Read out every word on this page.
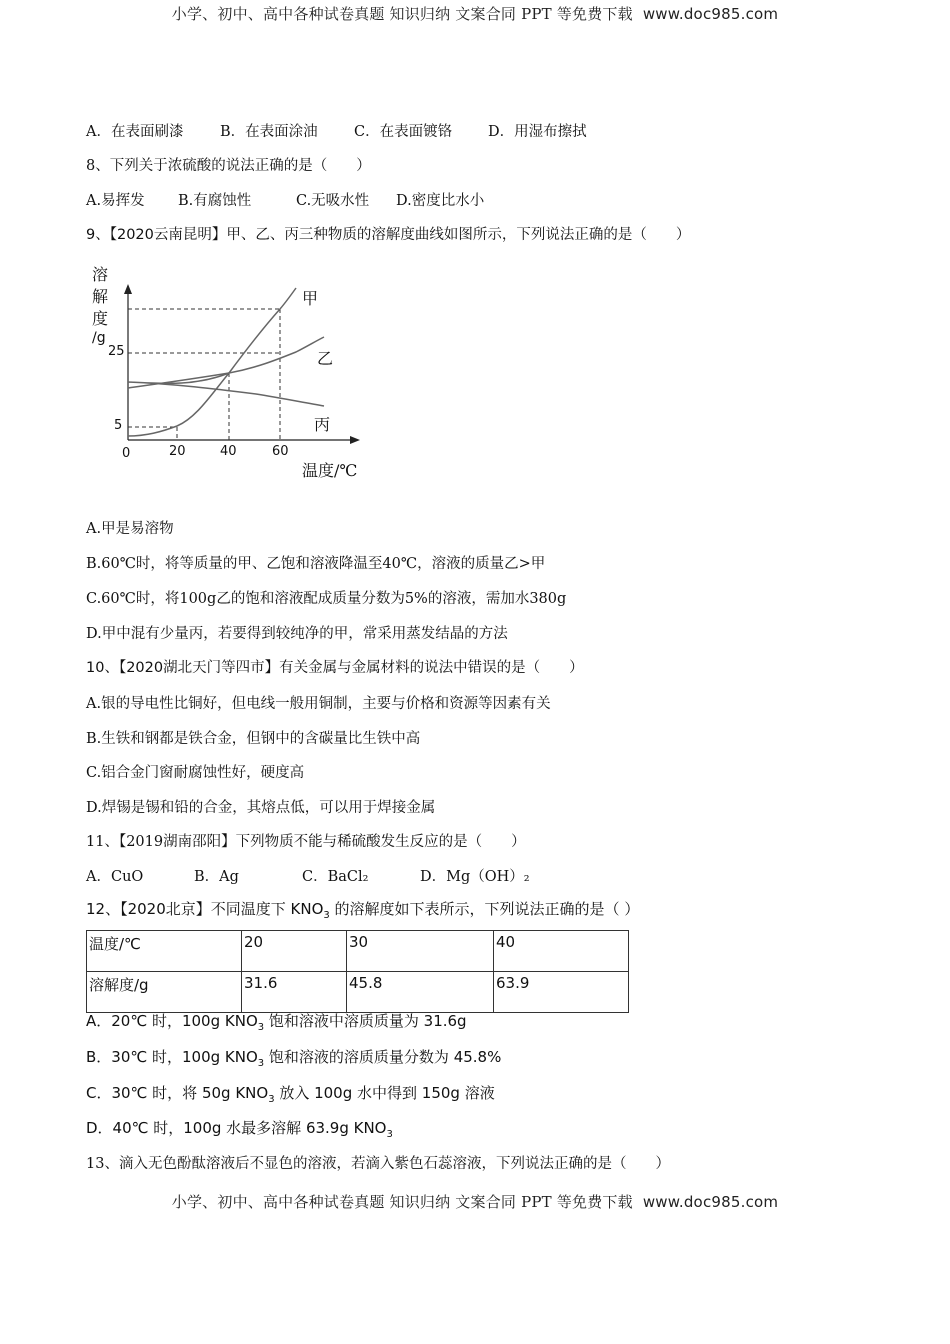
小学、初中、高中各种试卷真题 知识归纳 文案合同 PPT 等免费下载 www.doc985.com
A．在表面刷漆	B．在表面涂油	C．在表面镀铬 D．用湿布擦拭
8、下列关于浓硫酸的说法正确的是（　　）
A.易挥发 B.有腐蚀性	C.无吸水性 D.密度比水小
9、【2020云南昆明】甲、乙、丙三种物质的溶解度曲线如图所示，下列说法正确的是（　　）
溶
解
度
/g
25
5
0	20	40	60
温度/℃
甲
乙
丙
A.甲是易溶物
B.60℃时，将等质量的甲、乙饱和溶液降温至40℃，溶液的质量乙>甲
C.60℃时，将100g乙的饱和溶液配成质量分数为5%的溶液，需加水380g
D.甲中混有少量丙，若要得到较纯净的甲，常采用蒸发结晶的方法
10、【2020湖北天门等四市】有关金属与金属材料的说法中错误的是（　　）
A.银的导电性比铜好，但电线一般用铜制，主要与价格和资源等因素有关
B.生铁和钢都是铁合金，但钢中的含碳量比生铁中高
C.铝合金门窗耐腐蚀性好，硬度高
D.焊锡是锡和铅的合金，其熔点低，可以用于焊接金属
11、【2019湖南邵阳】下列物质不能与稀硫酸发生反应的是（　　）
A．CuO	B．Ag	C．BaCl₂	D．Mg（OH）₂
12、【2020北京】不同温度下 $KNO_3$ 的溶解度如下表所示，下列说法正确的是（ ）
温度/℃	20	30	40
溶解度/g	31.6	45.8	63.9
A．20℃ 时，100g $KNO_3$ 饱和溶液中溶质质量为 31.6g
B．30℃ 时，100g $KNO_3$ 饱和溶液的溶质质量分数为 45.8%
C．30℃ 时，将 50g $KNO_3$ 放入 100g 水中得到 150g 溶液
D．40℃ 时，100g 水最多溶解 63.9g $KNO_3$
13、滴入无色酚酞溶液后不显色的溶液，若滴入紫色石蕊溶液，下列说法正确的是（　　）
小学、初中、高中各种试卷真题 知识归纳 文案合同 PPT 等免费下载 www.doc985.com
